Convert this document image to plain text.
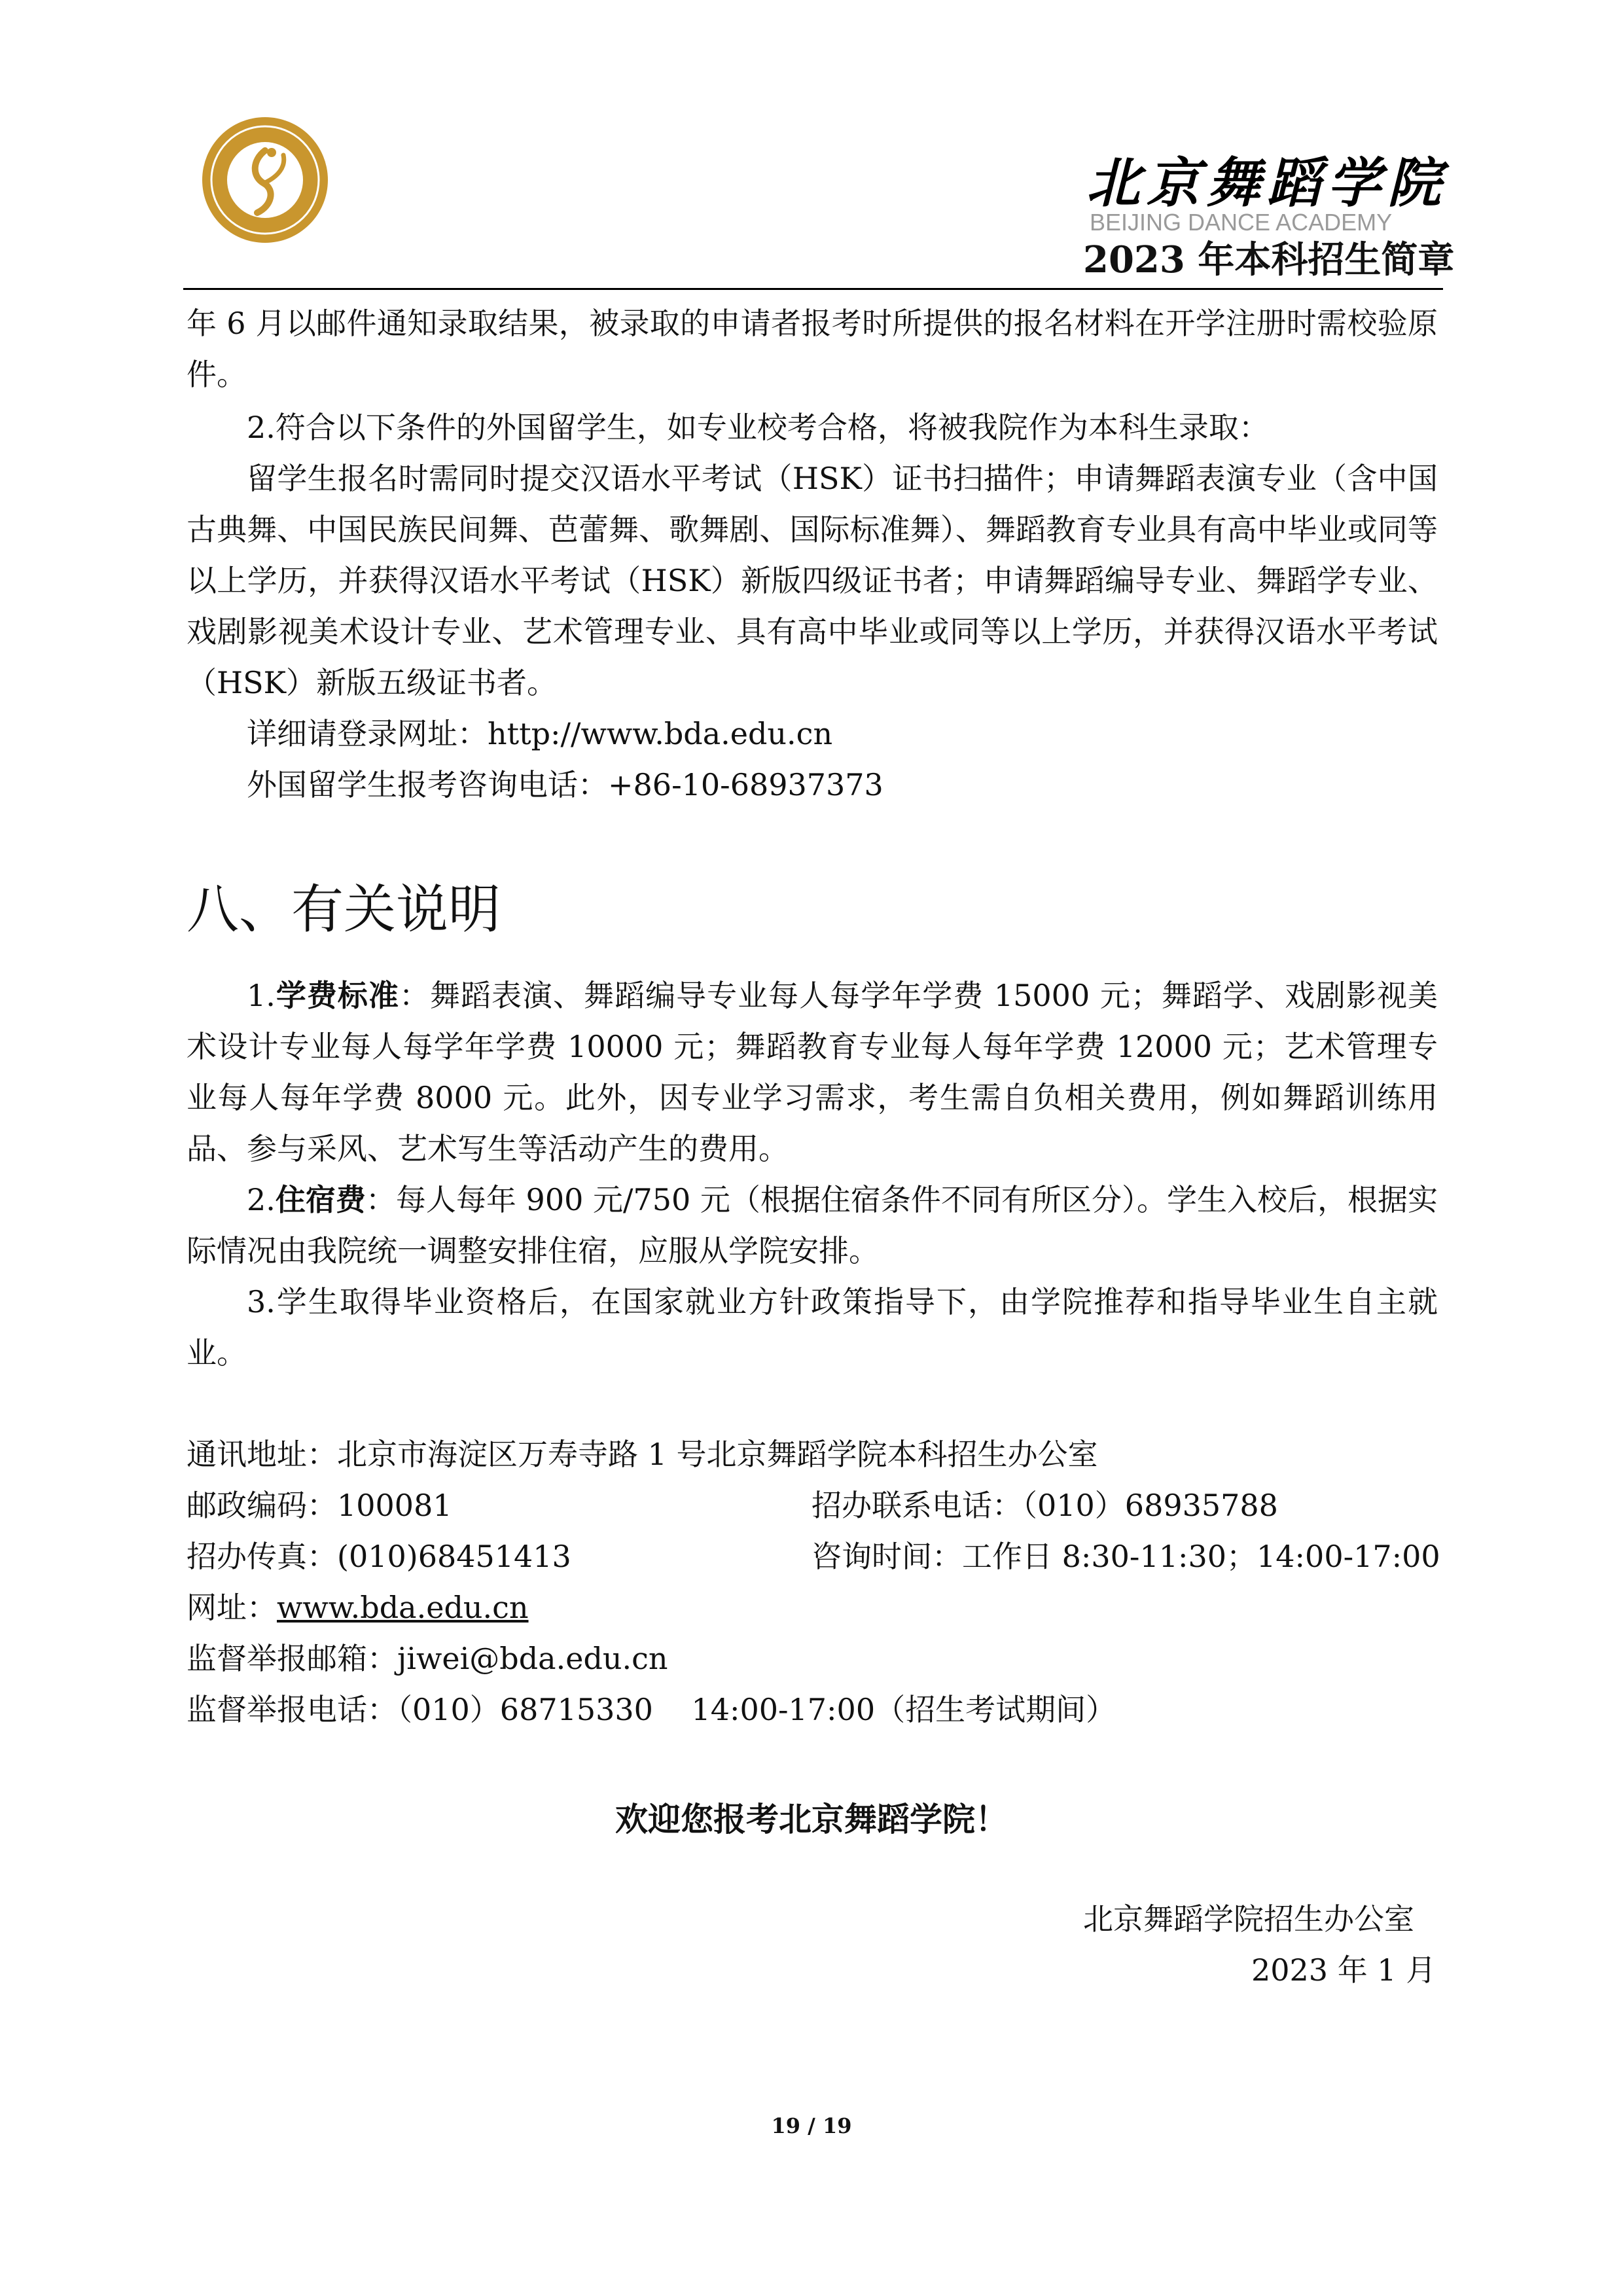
北京舞蹈学院
BEIJING DANCE ACADEMY
2023 年本科招生简章

年 6 月以邮件通知录取结果，被录取的申请者报考时所提供的报名材料在开学注册时需校验原件。

2.符合以下条件的外国留学生，如专业校考合格，将被我院作为本科生录取：

留学生报名时需同时提交汉语水平考试（HSK）证书扫描件；申请舞蹈表演专业（含中国古典舞、中国民族民间舞、芭蕾舞、歌舞剧、国际标准舞）、舞蹈教育专业具有高中毕业或同等以上学历，并获得汉语水平考试（HSK）新版四级证书者；申请舞蹈编导专业、舞蹈学专业、戏剧影视美术设计专业、艺术管理专业、具有高中毕业或同等以上学历，并获得汉语水平考试（HSK）新版五级证书者。

详细请登录网址：http://www.bda.edu.cn

外国留学生报考咨询电话：+86-10-68937373

八、有关说明

1.学费标准：舞蹈表演、舞蹈编导专业每人每学年学费 15000 元；舞蹈学、戏剧影视美术设计专业每人每学年学费 10000 元；舞蹈教育专业每人每年学费 12000 元；艺术管理专业每人每年学费 8000 元。此外，因专业学习需求，考生需自负相关费用，例如舞蹈训练用品、参与采风、艺术写生等活动产生的费用。

2.住宿费：每人每年 900 元/750 元（根据住宿条件不同有所区分）。学生入校后，根据实际情况由我院统一调整安排住宿，应服从学院安排。

3.学生取得毕业资格后，在国家就业方针政策指导下，由学院推荐和指导毕业生自主就业。

通讯地址：北京市海淀区万寿寺路 1 号北京舞蹈学院本科招生办公室
邮政编码：100081	招办联系电话：（010）68935788
招办传真：(010)68451413	咨询时间：工作日 8:30-11:30；14:00-17:00
网址：www.bda.edu.cn
监督举报邮箱：jiwei@bda.edu.cn
监督举报电话：（010）68715330    14:00-17:00（招生考试期间）
欢迎您报考北京舞蹈学院！
北京舞蹈学院招生办公室
2023 年 1 月
19 / 19
